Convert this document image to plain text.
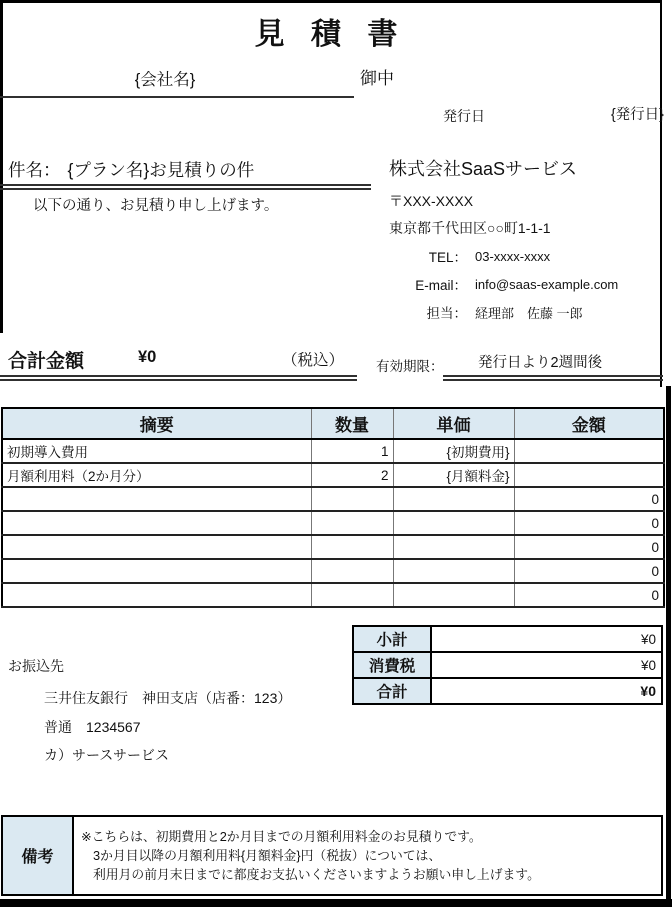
見 積 書
{会社名}	御中
発行日	{発行日}
件名： {プラン名}お見積りの件
以下の通り、お見積り申し上げます。
株式会社SaaSサービス
〒XXX-XXXX
東京都千代田区○○町1-1-1
TEL： 03-xxxx-xxxx
E-mail： info@saas-example.com
担当： 経理部　佐藤 一郎
合計金額	¥0	（税込） 有効期限： 発行日より2週間後
摘要	数量	単価	金額
初期導入費用	1	{初期費用}	
月額利用料（2か月分）	2	{月額料金}	
			0
			0
			0
			0
			0
小計	¥0
消費税	¥0
合計	¥0
お振込先
三井住友銀行　神田支店（店番：123）
普通　1234567
カ）サースサービス
備考
※こちらは、初期費用と2か月目までの月額利用料金のお見積りです。
3か月目以降の月額利用料{月額料金}円（税抜）については、
利用月の前月末日までに都度お支払いくださいますようお願い申し上げます。
